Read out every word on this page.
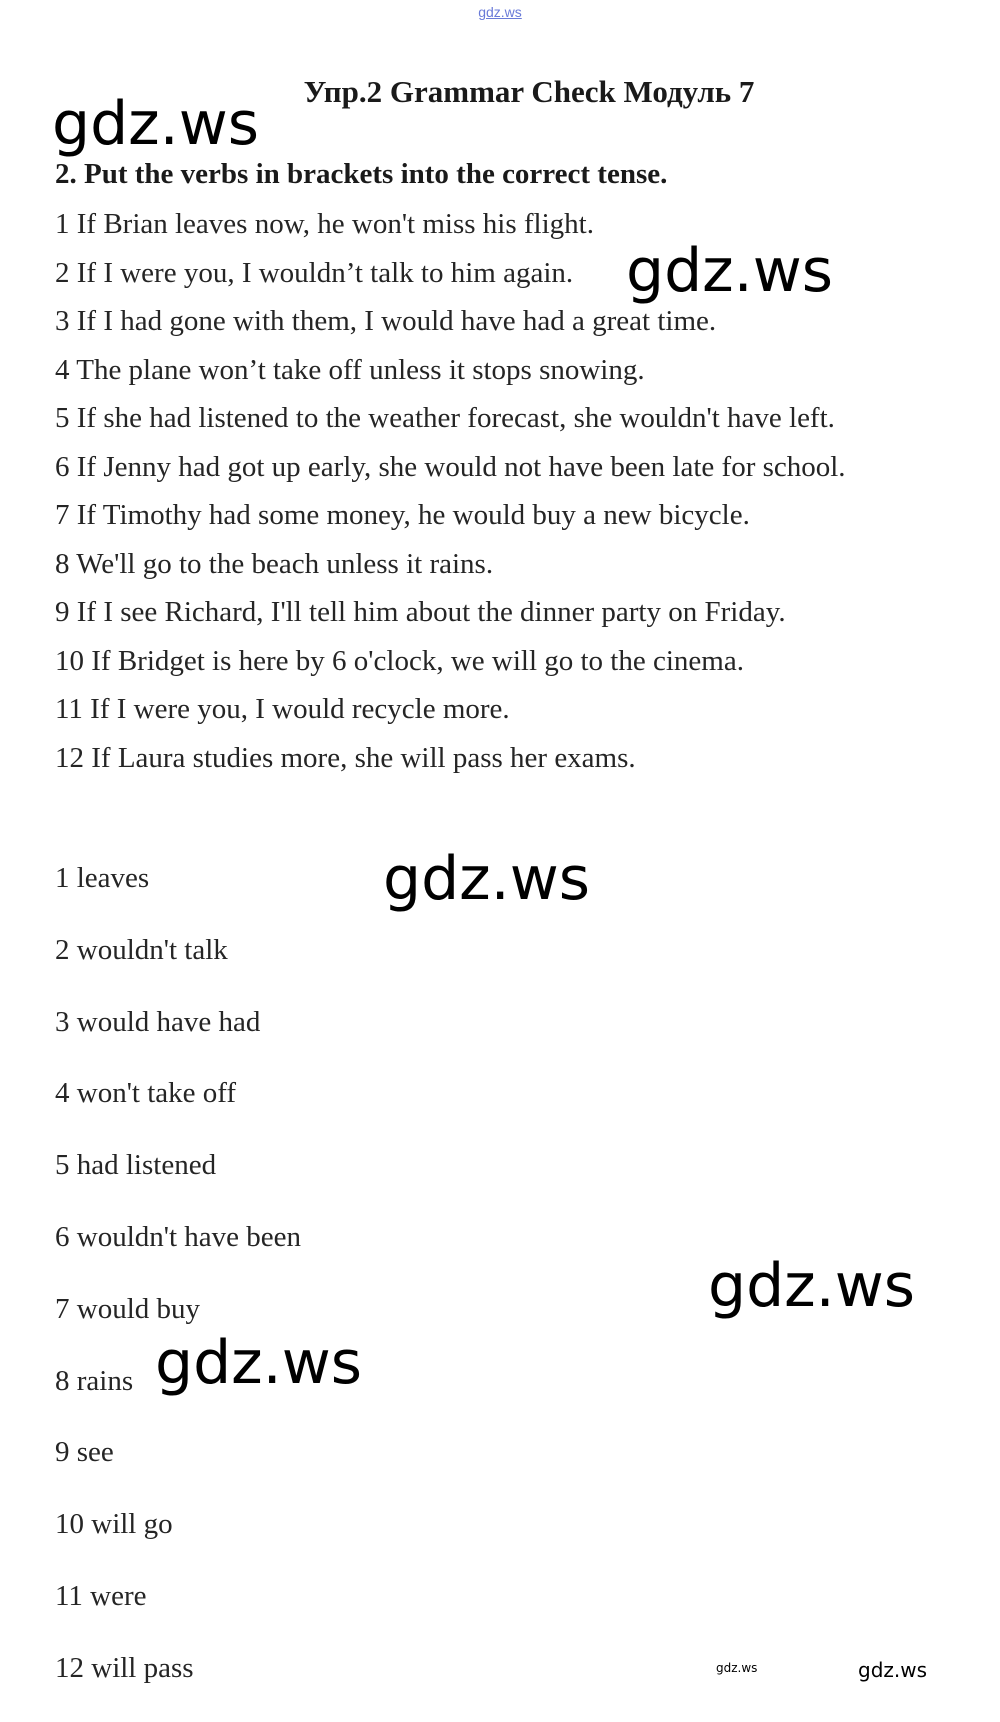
gdz.ws
Упр.2 Grammar Check Модуль 7
2. Put the verbs in brackets into the correct tense.
1 If Brian leaves now, he won't miss his flight.
2 If I were you, I wouldn’t talk to him again.
3 If I had gone with them, I would have had a great time.
4 The plane won’t take off unless it stops snowing.
5 If she had listened to the weather forecast, she wouldn't have left.
6 If Jenny had got up early, she would not have been late for school.
7 If Timothy had some money, he would buy a new bicycle.
8 We'll go to the beach unless it rains.
9 If I see Richard, I'll tell him about the dinner party on Friday.
10 If Bridget is here by 6 o'clock, we will go to the cinema.
11 If I were you, I would recycle more.
12 If Laura studies more, she will pass her exams.
1 leaves
2 wouldn't talk
3 would have had
4 won't take off
5 had listened
6 wouldn't have been
7 would buy
8 rains
9 see
10 will go
11 were
12 will pass
gdz.ws
gdz.ws
gdz.ws
gdz.ws
gdz.ws
gdz.ws	gdz.ws
